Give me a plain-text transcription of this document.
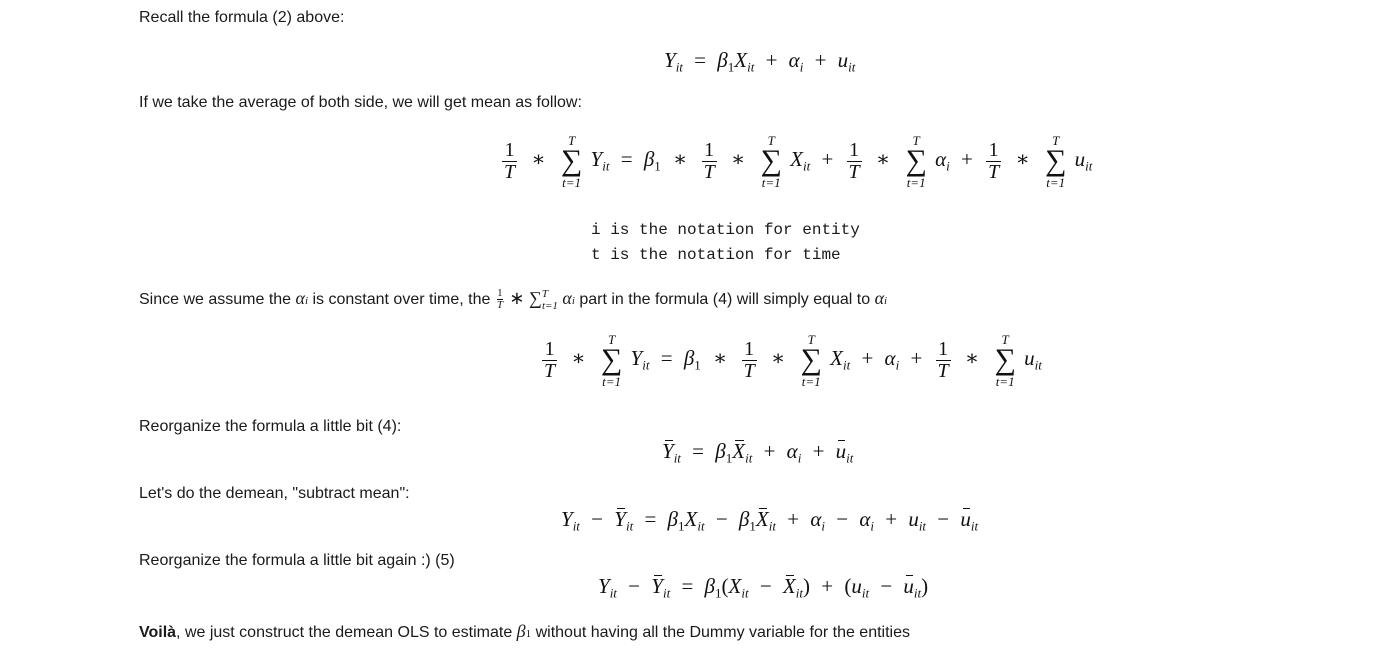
Recall the formula (2) above:
$Y_{it} = \beta_1X_{it} + \alpha_i + u_{it}$
If we take the average of both side, we will get mean as follow:
$\frac{1}{T}$ ∗
T
∑
t=1
$Y_{it} = \beta_1$ ∗ $\frac{1}{T}$ ∗
T
∑
t=1
$X_{it} + \frac{1}{T}$ ∗
T
∑
t=1
$\alpha_i + \frac{1}{T}$ ∗
T
∑
t=1
$u_{it}$
i is the notation for entity
t is the notation for time
Since we assume the αi is constant over time, the $\frac{1}{T}$ ∗ ∑$^T_{t=1}$ αi part in the formula (4) will simply equal to αi
$\frac{1}{T}$ ∗
T
∑
t=1
$Y_{it} = \beta_1$ ∗ $\frac{1}{T}$ ∗
T
∑
t=1
$X_{it} + \alpha_i + \frac{1}{T}$ ∗
T
∑
t=1
$u_{it}$
Reorganize the formula a little bit (4):
$Y_{it} = \beta_1X_{it} + \alpha_i + u_{it}$
Let's do the demean, "subtract mean":
$Y_{it} - Y_{it} = \beta_1X_{it} - \beta_1X_{it} + \alpha_i - \alpha_i + u_{it} - u_{it}$
Reorganize the formula a little bit again :) (5)
$Y_{it} - Y_{it} = \beta_1(X_{it} - X_{it}) + (u_{it} - u_{it})$
Voilà, we just construct the demean OLS to estimate β1 without having all the Dummy variable for the entities
